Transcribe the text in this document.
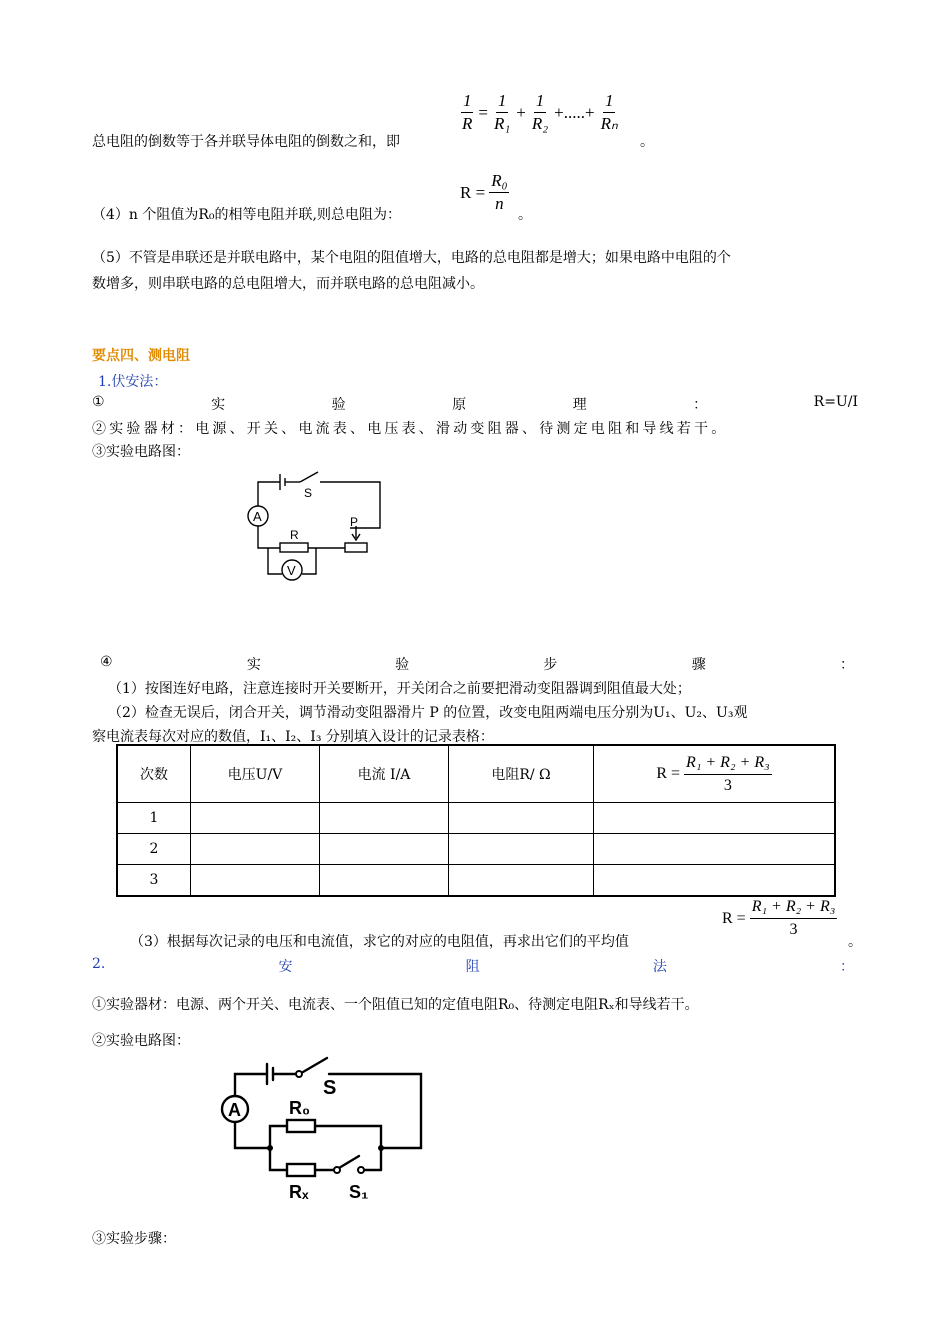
$\frac{1}{R} = \frac{1}{\text{R₁}} + \frac{1}{\text{R₂}}$ +.....+ $\frac{1}{\text{Rₙ}}$
总电阻的倒数等于各并联导体电阻的倒数之和，即	。
$R = \frac{\text{R₀}}{n}$
（4）n 个阻值为R₀的相等电阻并联,则总电阻为：	。
（5）不管是串联还是并联电路中，某个电阻的阻值增大，电路的总电阻都是增大；如果电路中电阻的个
数增多，则串联电路的总电阻增大，而并联电路的总电阻减小。
要点四、测电阻
1.伏安法：
①	实	验	原	理	：	R=U/I
②实验器材：电源、开关、电流表、电压表、滑动变阻器、待测定电阻和导线若干。
③实验电路图：
A
V
S
R
P
④	实	验	步	骤	：
（1）按图连好电路，注意连接时开关要断开，开关闭合之前要把滑动变阻器调到阻值最大处；
（2）检查无误后，闭合开关，调节滑动变阻器滑片 P 的位置，改变电阻两端电压分别为U₁、U₂、U₃观
察电流表每次对应的数值，I₁、I₂、I₃ 分别填入设计的记录表格：
次数	电压U/V	电流 I/A	电阻R/ Ω	$R = \frac{\text{R₁ + R₂ + R₃}}{3}$

1				
2				
3				
$R = \frac{\text{R₁ + R₂ + R₃}}{3}$
（3）根据每次记录的电压和电流值，求它的对应的电阻值，再求出它们的平均值	。
2.	安	阻	法	：
①实验器材：电源、两个开关、电流表、一个阻值已知的定值电阻R₀、待测定电阻Rₓ和导线若干。
②实验电路图：
A
S
R₀
Rₓ S₁
③实验步骤：
